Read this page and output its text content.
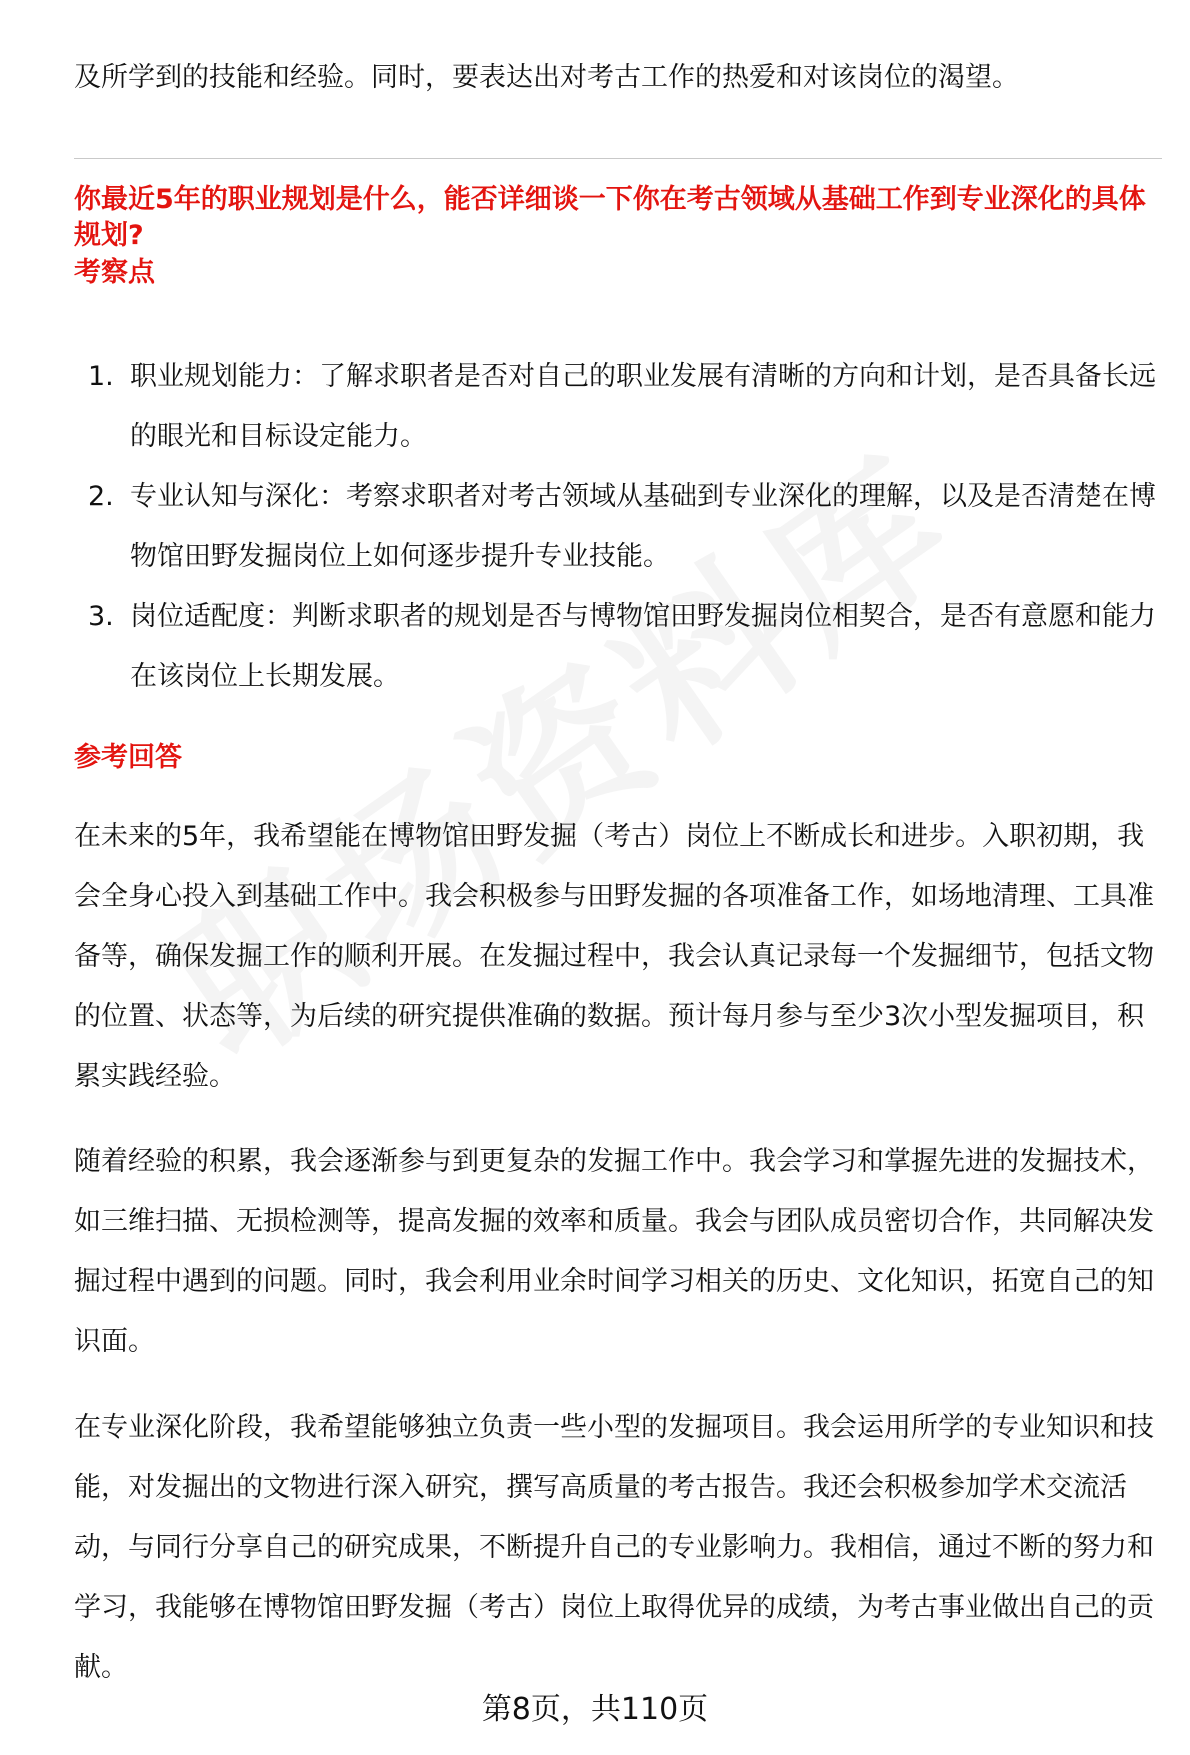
及所学到的技能和经验。同时，要表达出对考古工作的热爱和对该岗位的渴望。
你最近5年的职业规划是什么，能否详细谈一下你在考古领域从基础工作到专业深化的具体规划?
考察点
1. 职业规划能力：了解求职者是否对自己的职业发展有清晰的方向和计划，是否具备长远的眼光和目标设定能力。
2. 专业认知与深化：考察求职者对考古领域从基础到专业深化的理解，以及是否清楚在博物馆田野发掘岗位上如何逐步提升专业技能。
3. 岗位适配度：判断求职者的规划是否与博物馆田野发掘岗位相契合，是否有意愿和能力在该岗位上长期发展。
参考回答
在未来的5年，我希望能在博物馆田野发掘（考古）岗位上不断成长和进步。入职初期，我会全身心投入到基础工作中。我会积极参与田野发掘的各项准备工作，如场地清理、工具准备等，确保发掘工作的顺利开展。在发掘过程中，我会认真记录每一个发掘细节，包括文物的位置、状态等，为后续的研究提供准确的数据。预计每月参与至少3次小型发掘项目，积累实践经验。
随着经验的积累，我会逐渐参与到更复杂的发掘工作中。我会学习和掌握先进的发掘技术，如三维扫描、无损检测等，提高发掘的效率和质量。我会与团队成员密切合作，共同解决发掘过程中遇到的问题。同时，我会利用业余时间学习相关的历史、文化知识，拓宽自己的知识面。
在专业深化阶段，我希望能够独立负责一些小型的发掘项目。我会运用所学的专业知识和技能，对发掘出的文物进行深入研究，撰写高质量的考古报告。我还会积极参加学术交流活动，与同行分享自己的研究成果，不断提升自己的专业影响力。我相信，通过不断的努力和学习，我能够在博物馆田野发掘（考古）岗位上取得优异的成绩，为考古事业做出自己的贡献。
第8页，共110页
